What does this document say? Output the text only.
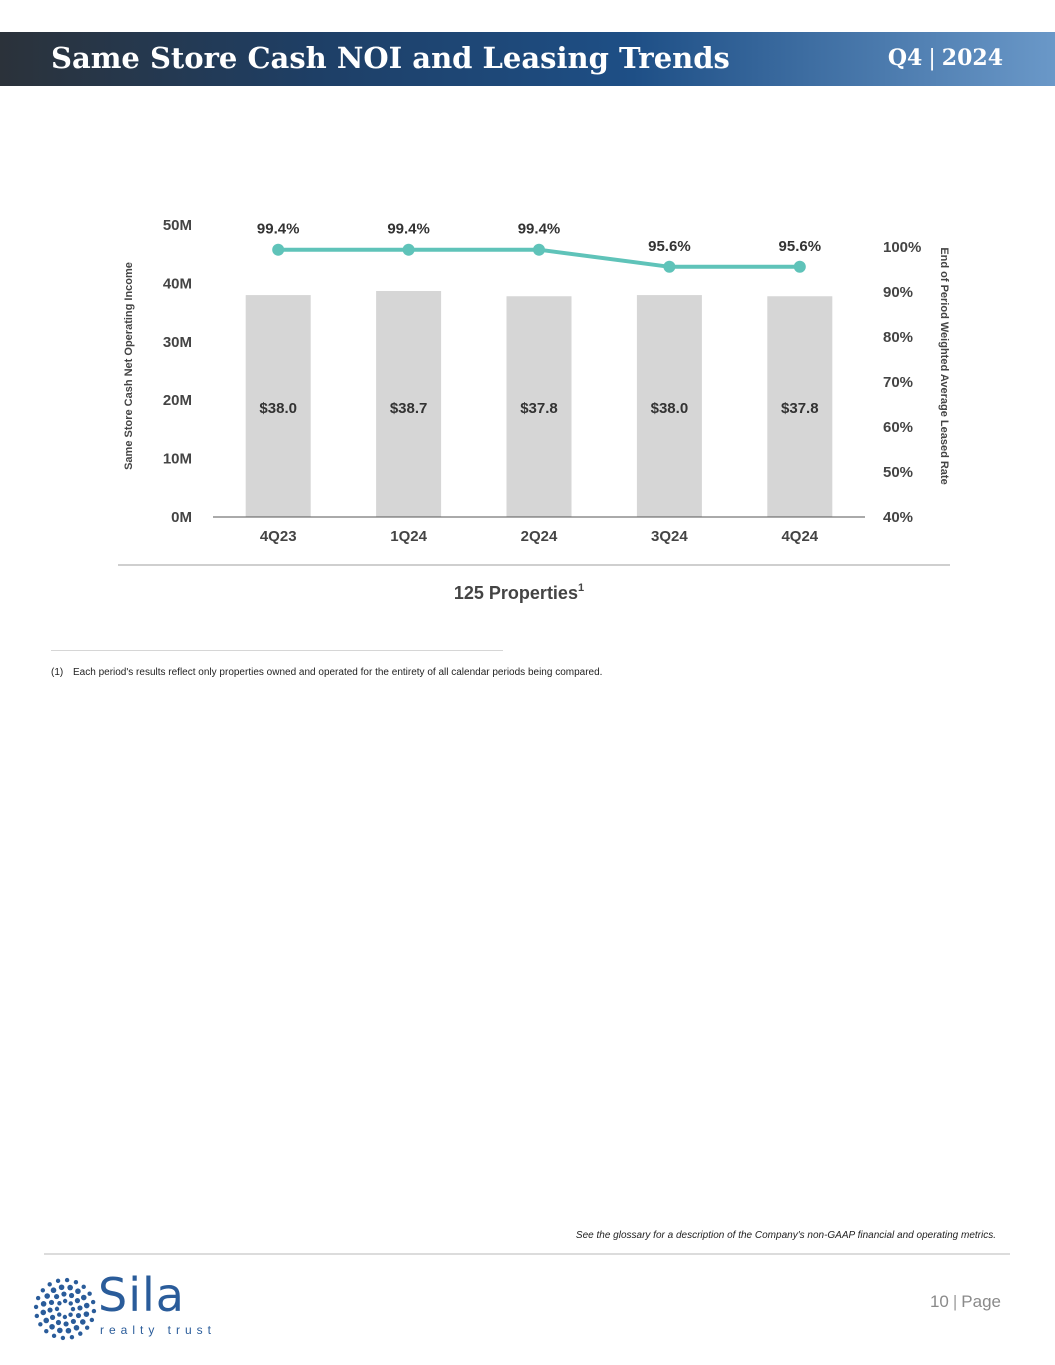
Same Store Cash NOI and Leasing Trends	Q4 | 2024
0M
10M
20M
30M
40M
50M
40%
50%
60%
70%
80%
90%
100%
Same Store Cash Net Operating Income	End of Period Weighted Average Leased Rate
$38.0	$38.7	$37.8	$38.0	$37.8
4Q23	1Q24	2Q24	3Q24	4Q24
99.4%	99.4%	99.4%
95.6%	95.6%
125 Properties$^1$
(1) Each period's results reflect only properties owned and operated for the entirety of all calendar periods being compared.
See the glossary for a description of the Company's non-GAAP financial and operating metrics.
Sila
realty trust
10 | Page
